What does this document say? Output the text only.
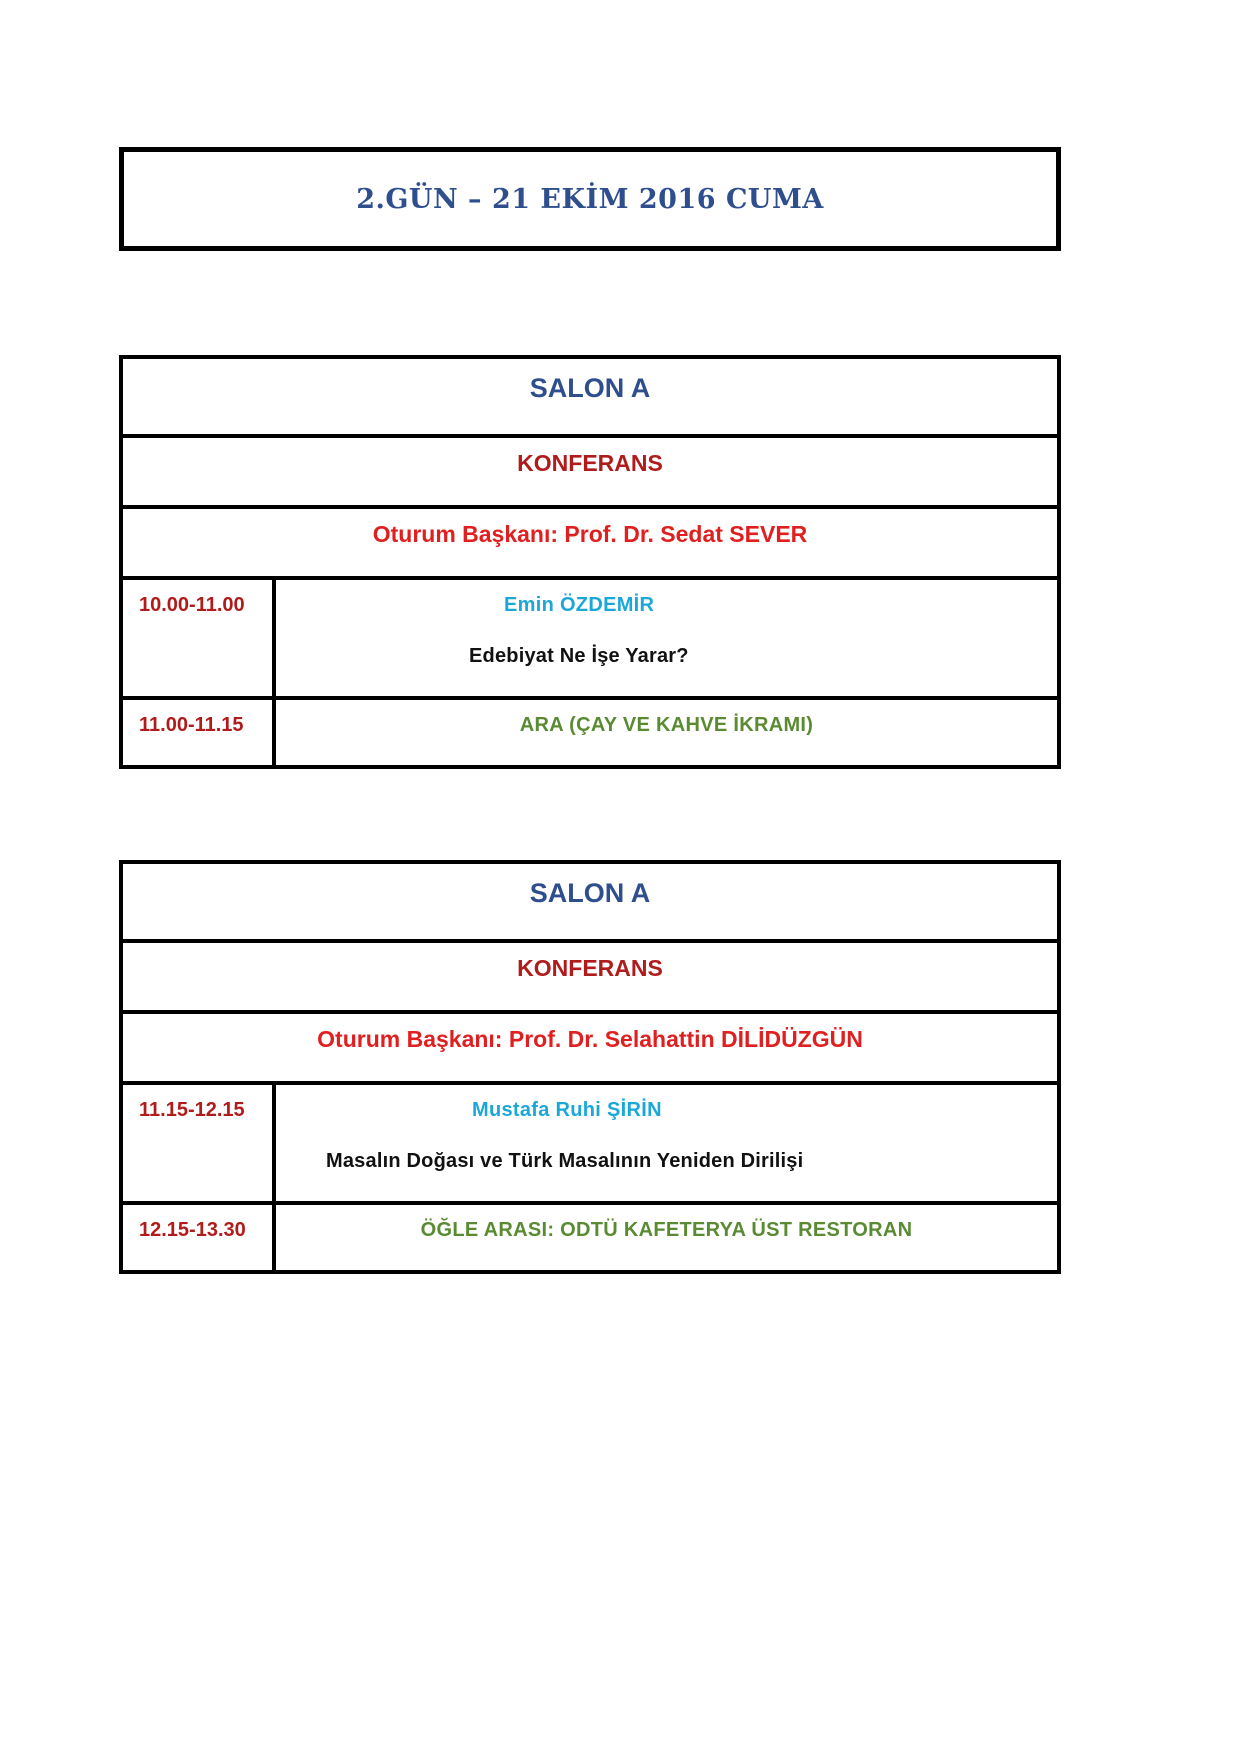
2.GÜN – 21 EKİM 2016 CUMA
SALON A
KONFERANS
Oturum Başkanı: Prof. Dr. Sedat SEVER
10.00-11.00	Emin ÖZDEMİR
Edebiyat Ne İşe Yarar?
11.00-11.15	ARA (ÇAY VE KAHVE İKRAMI)
SALON A
KONFERANS
Oturum Başkanı: Prof. Dr. Selahattin DİLİDÜZGÜN
11.15-12.15	Mustafa Ruhi ŞİRİN
Masalın Doğası ve Türk Masalının Yeniden Dirilişi
12.15-13.30	ÖĞLE ARASI: ODTÜ KAFETERYA ÜST RESTORAN
